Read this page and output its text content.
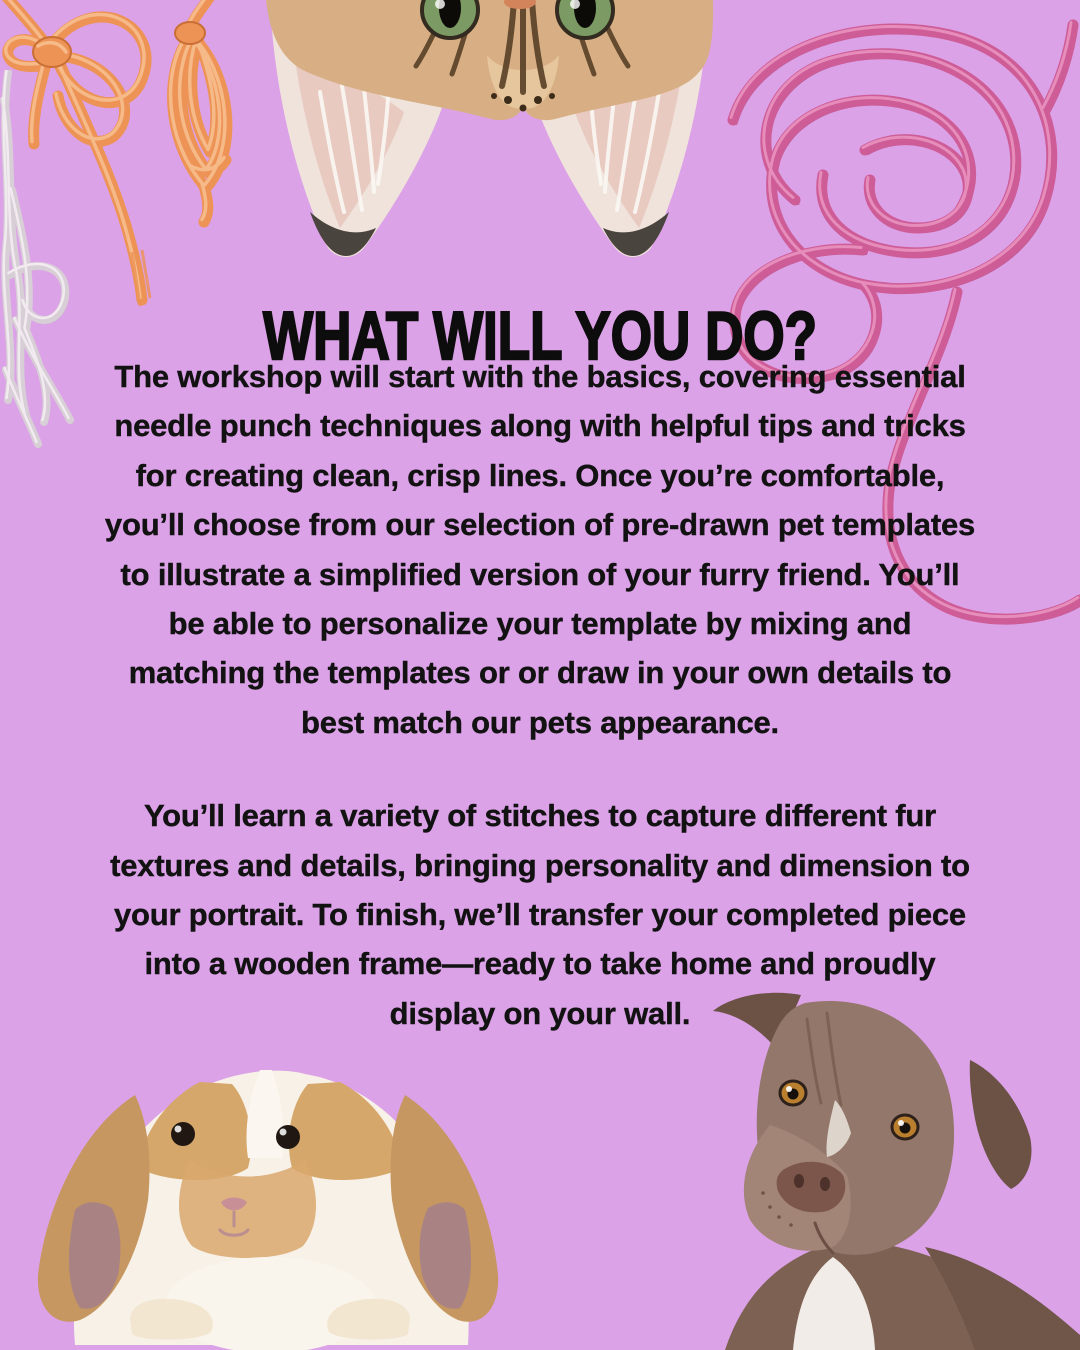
WHAT WILL YOU DO?

The workshop will start with the basics, covering essential
needle punch techniques along with helpful tips and tricks
for creating clean, crisp lines. Once you’re comfortable,
you’ll choose from our selection of pre-drawn pet templates
to illustrate a simplified version of your furry friend. You’ll
be able to personalize your template by mixing and
matching the templates or or draw in your own details to
best match our pets appearance.

You’ll learn a variety of stitches to capture different fur
textures and details, bringing personality and dimension to
your portrait. To finish, we’ll transfer your completed piece
into a wooden frame—ready to take home and proudly
display on your wall.
